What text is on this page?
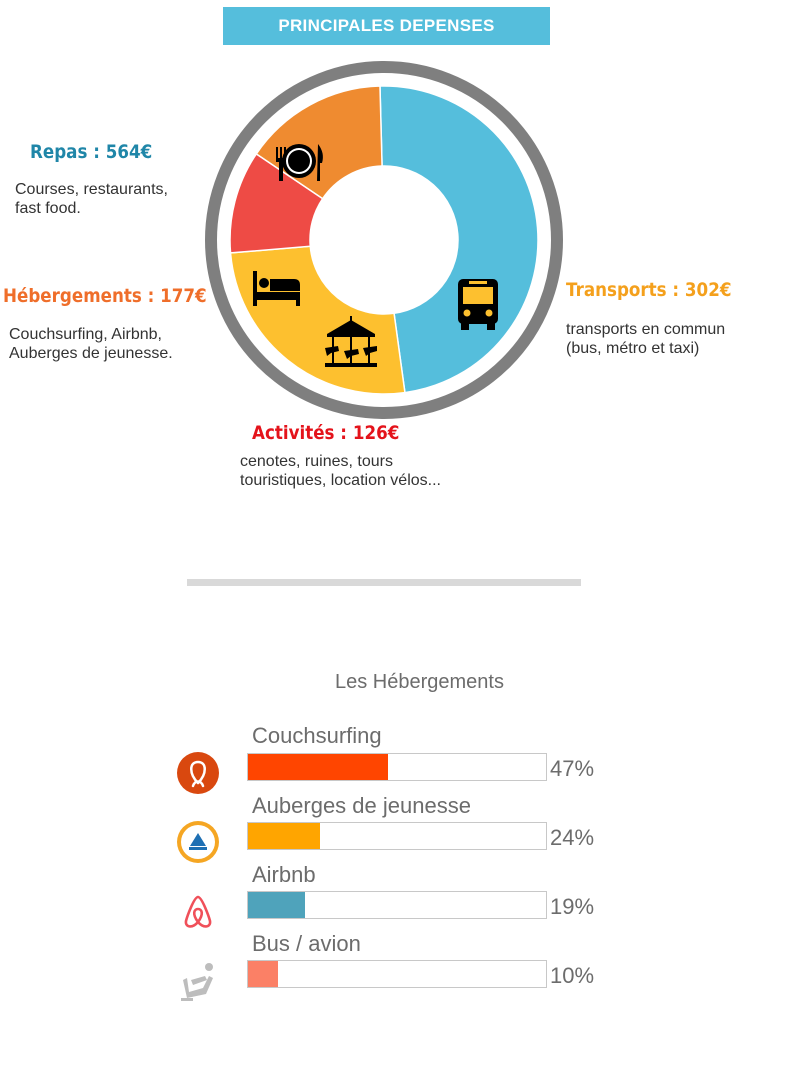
PRINCIPALES DEPENSES
Repas : 564€
Courses, restaurants,
fast food.
Hébergements : 177€
Couchsurfing, Airbnb,
Auberges de jeunesse.
Transports : 302€
transports en commun
(bus, métro et taxi)
Activités : 126€
cenotes, ruines, tours
touristiques, location vélos...
Les Hébergements
Couchsurfing
47%
Auberges de jeunesse
24%
Airbnb
19%
Bus / avion
10%
